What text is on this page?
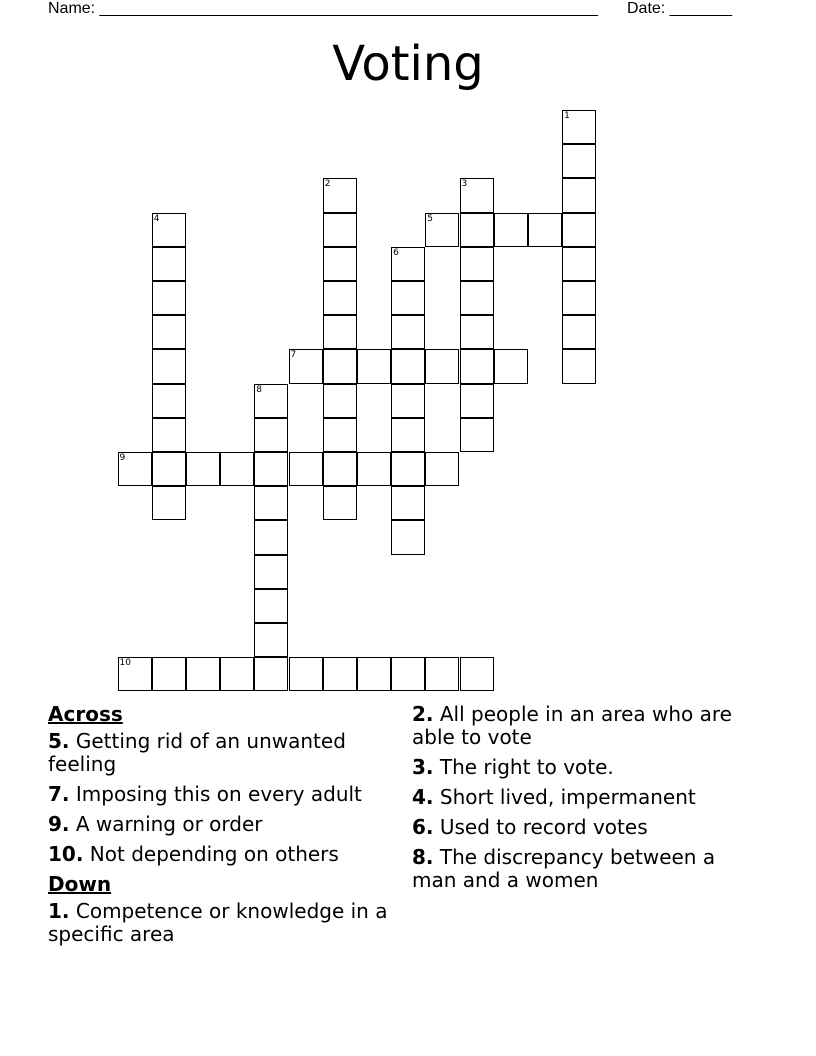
Name: ________________________________________________________ Date: _______
Voting
1
2	3
4	5
6
7
8
9
10
Across
5. Getting rid of an unwanted feeling
7. Imposing this on every adult
9. A warning or order
10. Not depending on others
Down
1. Competence or knowledge in a specific area
2. All people in an area who are able to vote
3. The right to vote.
4. Short lived, impermanent
6. Used to record votes
8. The discrepancy between a man and a women
